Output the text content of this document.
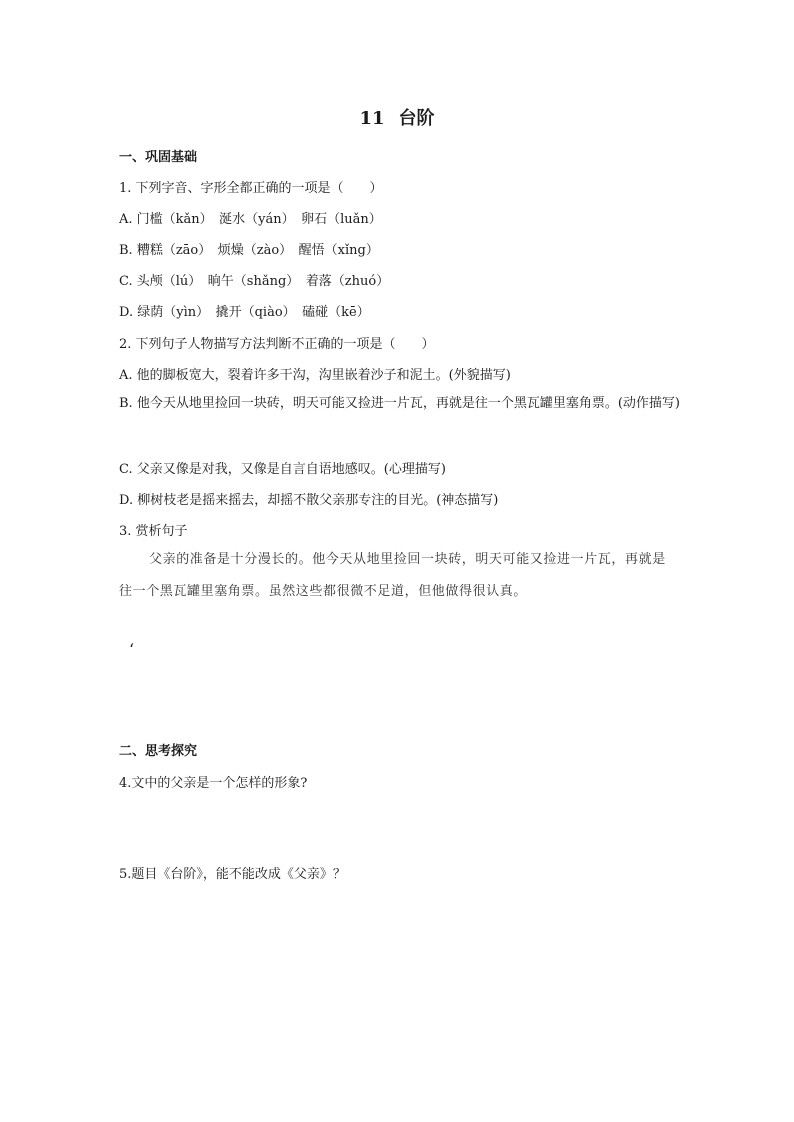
11 台阶
一、巩固基础
1. 下列字音、字形全都正确的一项是（　　）
A. 门槛（kǎn）　涎水（yán）　卵石（luǎn）
B. 糟糕（zāo）　烦燥（zào）　醒悟（xǐng）
C. 头颅（lú）　晌午（shǎng）　着落（zhuó）
D. 绿荫（yìn）　撬开（qiào）　磕碰（kē）
2. 下列句子人物描写方法判断不正确的一项是（　　）
A. 他的脚板宽大，裂着许多干沟，沟里嵌着沙子和泥土。(外貌描写)
B. 他今天从地里捡回一块砖，明天可能又捡进一片瓦，再就是往一个黑瓦罐里塞角票。(动作描写)
C. 父亲又像是对我，又像是自言自语地感叹。(心理描写)
D. 柳树枝老是摇来摇去，却摇不散父亲那专注的目光。(神态描写)
3. 赏析句子
父亲的准备是十分漫长的。他今天从地里捡回一块砖，明天可能又捡进一片瓦，再就是往一个黑瓦罐里塞角票。虽然这些都很微不足道，但他做得很认真。
‘
二、思考探究
4.文中的父亲是一个怎样的形象?
5.题目《台阶》，能不能改成《父亲》？
